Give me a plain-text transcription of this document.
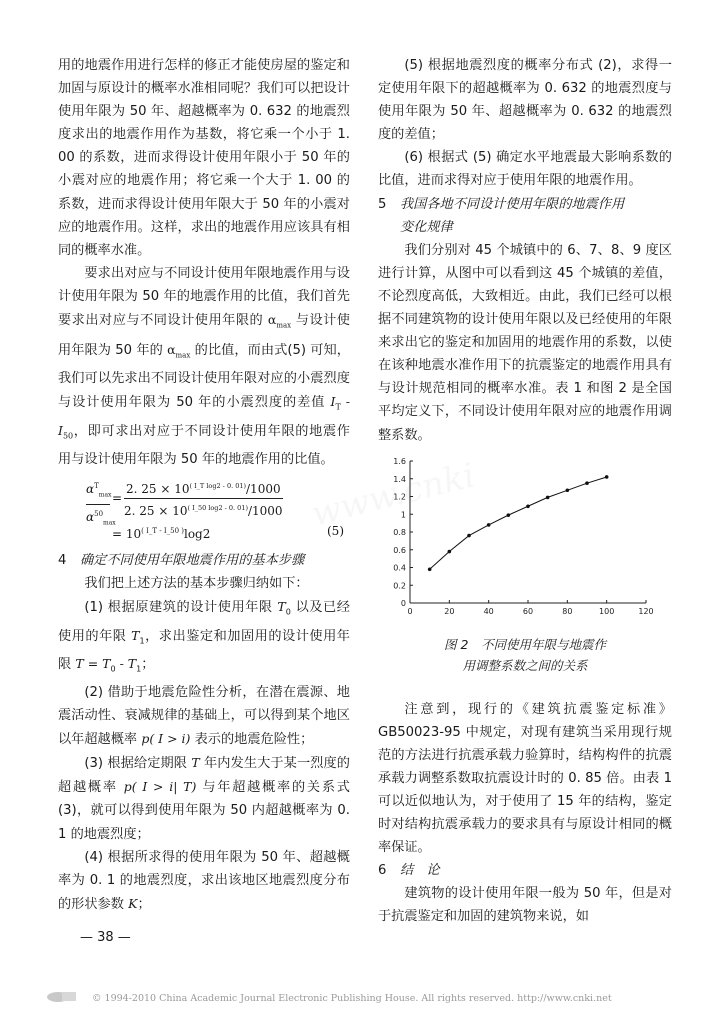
用的地震作用进行怎样的修正才能使房屋的鉴定和加固与原设计的概率水准相同呢？我们可以把设计使用年限为 50 年、超越概率为 0. 632 的地震烈度求出的地震作用作为基数，将它乘一个小于 1. 00 的系数，进而求得设计使用年限小于 50 年的小震对应的地震作用；将它乘一个大于 1. 00 的系数，进而求得设计使用年限大于 50 年的小震对应的地震作用。这样，求出的地震作用应该具有相同的概率水准。

要求出对应与不同设计使用年限地震作用与设计使用年限为 50 年的地震作用的比值，我们首先要求出对应与不同设计使用年限的 $\alpha_{max}$ 与设计使用年限为 50 年的 $\alpha_{max}$ 的比值，而由式(5) 可知，我们可以先求出不同设计使用年限对应的小震烈度与设计使用年限为 50 年的小震烈度的差值 $I_T - I_{50}$，即可求出对应于不同设计使用年限的地震作用与设计使用年限为 50 年的地震作用的比值。

$\alpha^T_{max}$
$\alpha^{50}_{max}$
= $\frac{2. 25 \times 10^{( I\_T log2 - 0. 01)}/1000}{2. 25 \times 10^{( I\_50 log2 - 0. 01)}/1000}$
= $10^{( I\_T - I\_50 )}\log 2$	(5)

4 确定不同使用年限地震作用的基本步骤

我们把上述方法的基本步骤归纳如下：

(1) 根据原建筑的设计使用年限 $T_0$ 以及已经使用的年限 $T_1$，求出鉴定和加固用的设计使用年限 $T = T_0 - T_1$；

(2) 借助于地震危险性分析，在潜在震源、地震活动性、衰减规律的基础上，可以得到某个地区以年超越概率 p( I > i) 表示的地震危险性；

(3) 根据给定期限 T 年内发生大于某一烈度的超越概率 p( I > i| T) 与年超越概率的关系式 (3)，就可以得到使用年限为 50 内超越概率为 0. 1 的地震烈度；

(4) 根据所求得的使用年限为 50 年、超越概率为 0. 1 的地震烈度，求出该地区地震烈度分布的形状参数 K；

(5) 根据地震烈度的概率分布式 (2)，求得一定使用年限下的超越概率为 0. 632 的地震烈度与使用年限为 50 年、超越概率为 0. 632 的地震烈度的差值；

(6) 根据式 (5) 确定水平地震最大影响系数的比值，进而求得对应于使用年限的地震作用。

5 我国各地不同设计使用年限的地震作用
变化规律

我们分别对 45 个城镇中的 6、7、8、9 度区进行计算，从图中可以看到这 45 个城镇的差值，不论烈度高低，大致相近。由此，我们已经可以根据不同建筑物的设计使用年限以及已经使用的年限来求出它的鉴定和加固用的地震作用的系数，以使在该种地震水准作用下的抗震鉴定的地震作用具有与设计规范相同的概率水准。表 1 和图 2 是全国平均定义下，不同设计使用年限对应的地震作用调整系数。

0
0.2
0.4
0.6
0.8
1
1.2
1.4
1.6
0	20	40	60	80	100	120
图 2　不同使用年限与地震作
用调整系数之间的关系

注意到，现行的《建筑抗震鉴定标准》GB50023-95 中规定，对现有建筑当采用现行规范的方法进行抗震承载力验算时，结构构件的抗震承载力调整系数取抗震设计时的 0. 85 倍。由表 1 可以近似地认为，对于使用了 15 年的结构，鉴定时对结构抗震承载力的要求具有与原设计相同的概率保证。

6 结　论

建筑物的设计使用年限一般为 50 年，但是对于抗震鉴定和加固的建筑物来说，如

— 38 —
© 1994-2010 China Academic Journal Electronic Publishing House. All rights reserved. http://www.cnki.net
